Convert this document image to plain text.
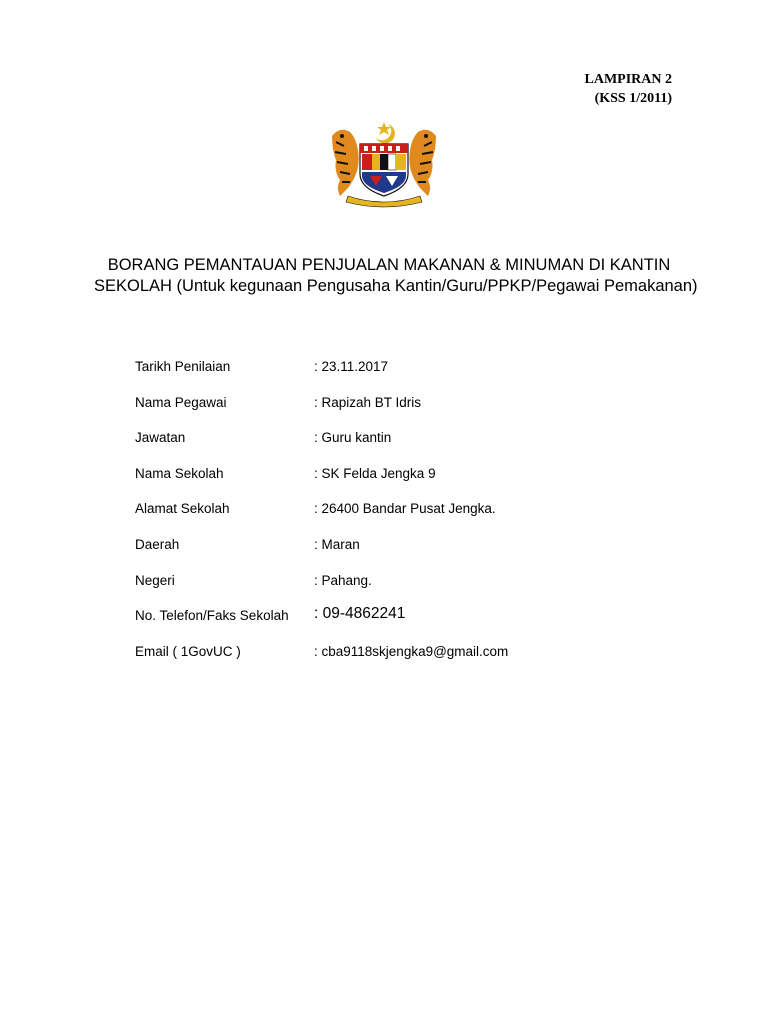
LAMPIRAN 2
(KSS 1/2011)
BORANG PEMANTAUAN PENJUALAN MAKANAN & MINUMAN DI KANTIN
SEKOLAH (Untuk kegunaan Pengusaha Kantin/Guru/PPKP/Pegawai Pemakanan)
Tarikh Penilaian	: 23.11.2017
Nama Pegawai	: Rapizah BT Idris
Jawatan	: Guru kantin
Nama Sekolah	: SK Felda Jengka 9
Alamat Sekolah	: 26400 Bandar Pusat Jengka.
Daerah	: Maran
Negeri	: Pahang.
No. Telefon/Faks Sekolah : 09-4862241
Email ( 1GovUC )	: cba9118skjengka9@gmail.com
